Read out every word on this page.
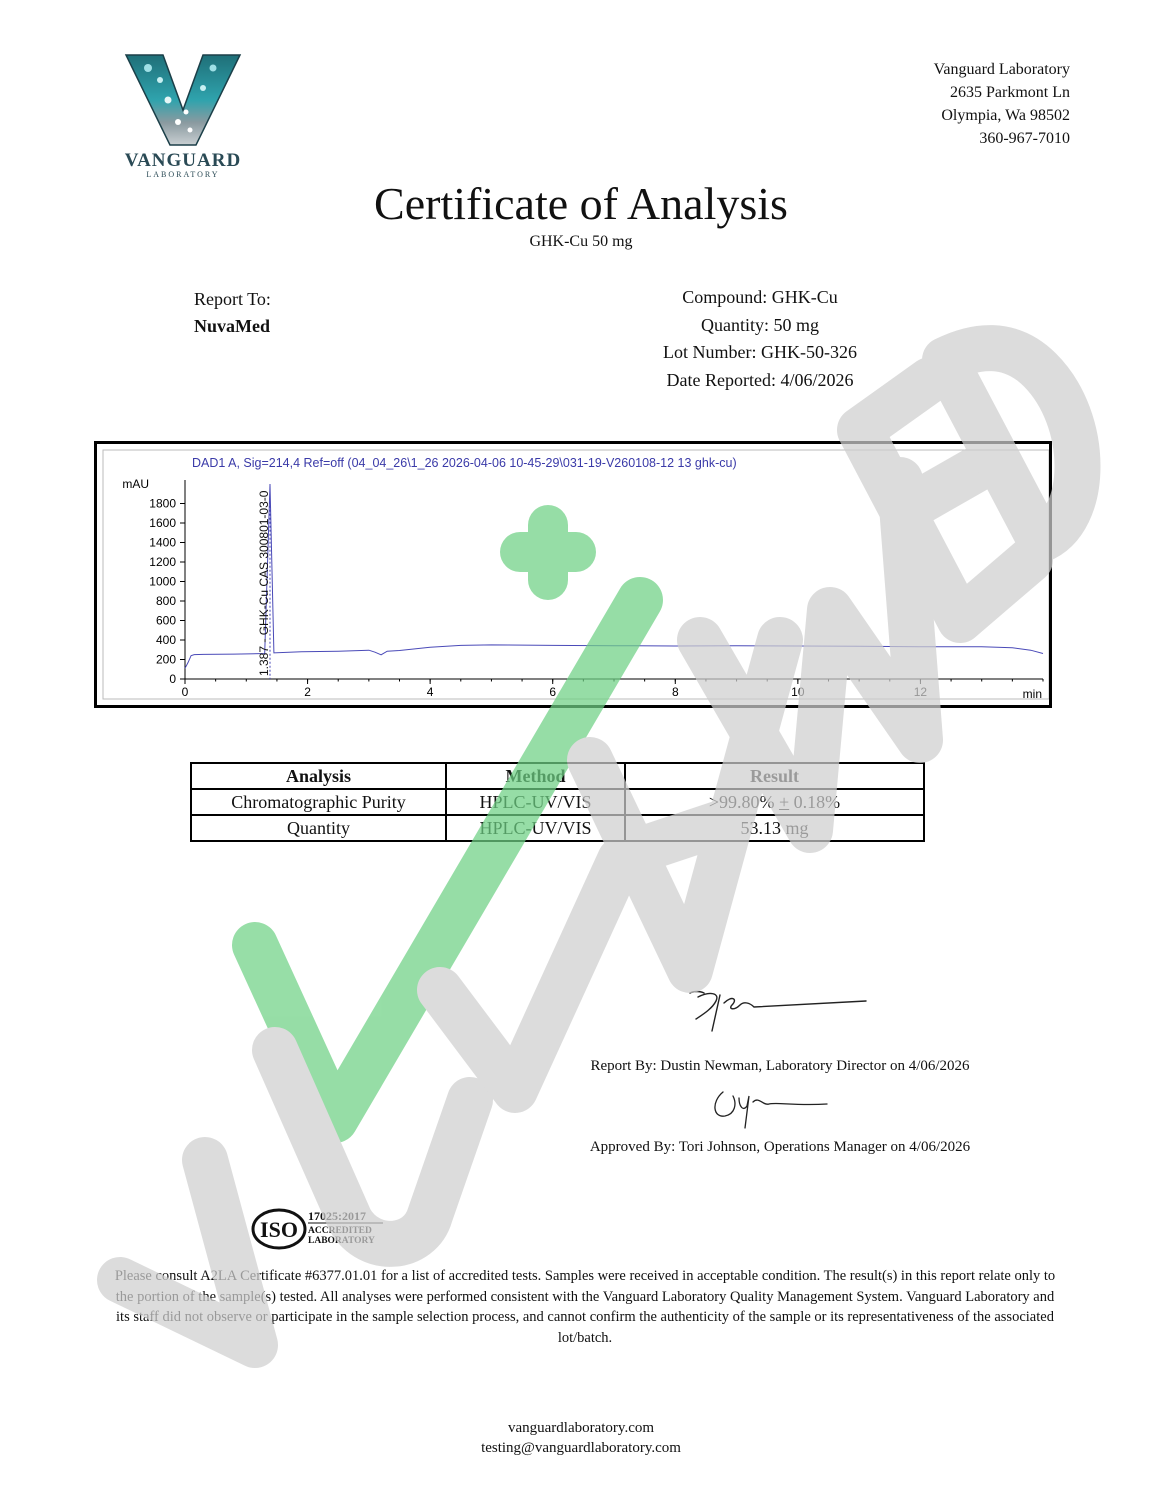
VANGUARD
LABORATORY
Vanguard Laboratory
2635 Parkmont Ln
Olympia, Wa 98502
360-967-7010
Certificate of Analysis
GHK-Cu 50 mg
Report To:
NuvaMed
Compound: GHK-Cu
Quantity: 50 mg
Lot Number: GHK-50-326
Date Reported: 4/06/2026
DAD1 A, Sig=214,4 Ref=off (04_04_26\1_26 2026-04-06 10-45-29\031-19-V260108-12 13 ghk-cu)
mAU
min
0
200
400
600
800
1000
1200
1400
1600
1800
0	2	4	6	8	10	12
1.387 - GHK-Cu CAS 300801-03-0
Analysis	Method	Result
Chromatographic Purity	HPLC-UV/VIS	>99.80% + 0.18%
Quantity	HPLC-UV/VIS	53.13 mg
Report By: Dustin Newman, Laboratory Director on 4/06/2026
Approved By: Tori Johnson, Operations Manager on 4/06/2026
ISO
17025:2017
ACCREDITED
LABORATORY
Please consult A2LA Certificate #6377.01.01 for a list of accredited tests. Samples were received in acceptable condition. The result(s) in this report relate only to the portion of the sample(s) tested. All analyses were performed consistent with the Vanguard Laboratory Quality Management System. Vanguard Laboratory and its staff did not observe or participate in the sample selection process, and cannot confirm the authenticity of the sample or its representativeness of the associated lot/batch.
vanguardlaboratory.com
testing@vanguardlaboratory.com
